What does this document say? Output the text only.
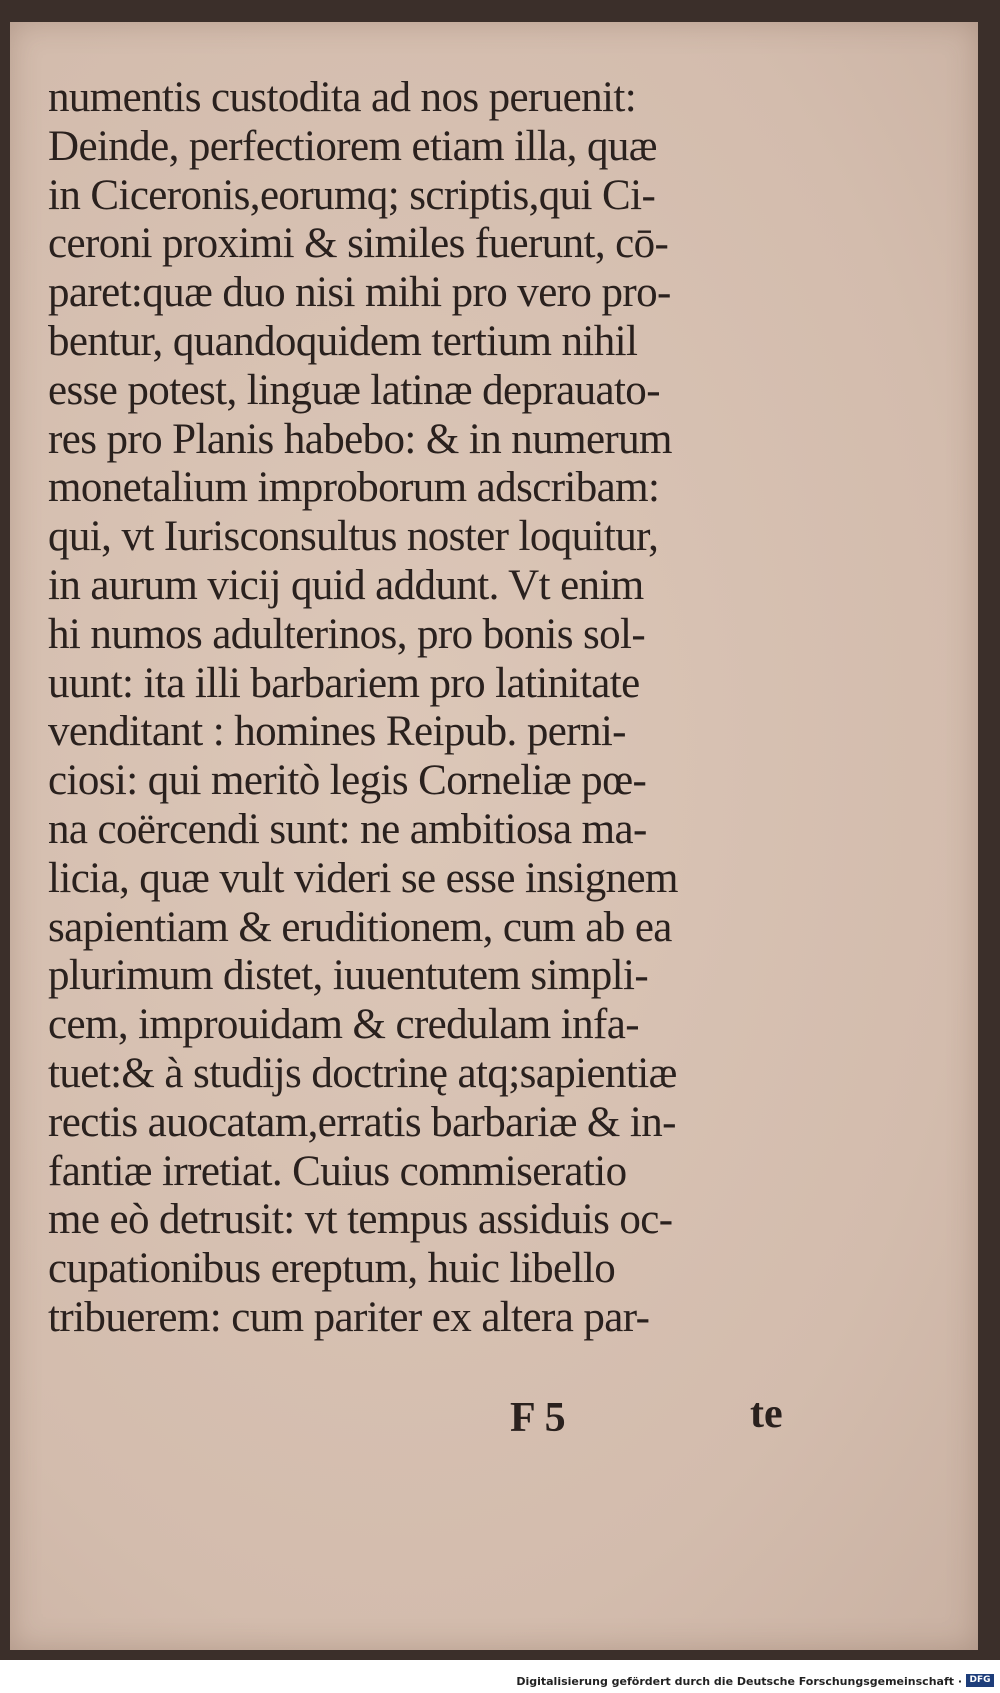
numentis custodita ad nos peruenit:
Deinde, perfectiorem etiam illa, quæ
in Ciceronis,eorumq; scriptis,qui Ci-
ceroni proximi & similes fuerunt, cō-
paret:quæ duo nisi mihi pro vero pro-
bentur, quandoquidem tertium nihil
esse potest, linguæ latinæ deprauato-
res pro Planis habebo: & in numerum
monetalium improborum adscribam:
qui, vt Iurisconsultus noster loquitur,
in aurum vicij quid addunt. Vt enim
hi numos adulterinos, pro bonis sol-
uunt: ita illi barbariem pro latinitate
venditant : homines Reipub. perni-
ciosi: qui meritò legis Corneliæ pœ-
na coërcendi sunt: ne ambitiosa ma-
licia, quæ vult videri se esse insignem
sapientiam & eruditionem, cum ab ea
plurimum distet, iuuentutem simpli-
cem, improuidam & credulam infa-
tuet:& à studijs doctrinę atq;sapientiæ
rectis auocatam,erratis barbariæ & in-
fantiæ irretiat. Cuius commiseratio
me eò detrusit: vt tempus assiduis oc-
cupationibus ereptum, huic libello
tribuerem: cum pariter ex altera par-
F 5	te
Digitalisierung gefördert durch die Deutsche Forschungsgemeinschaft · DFG
